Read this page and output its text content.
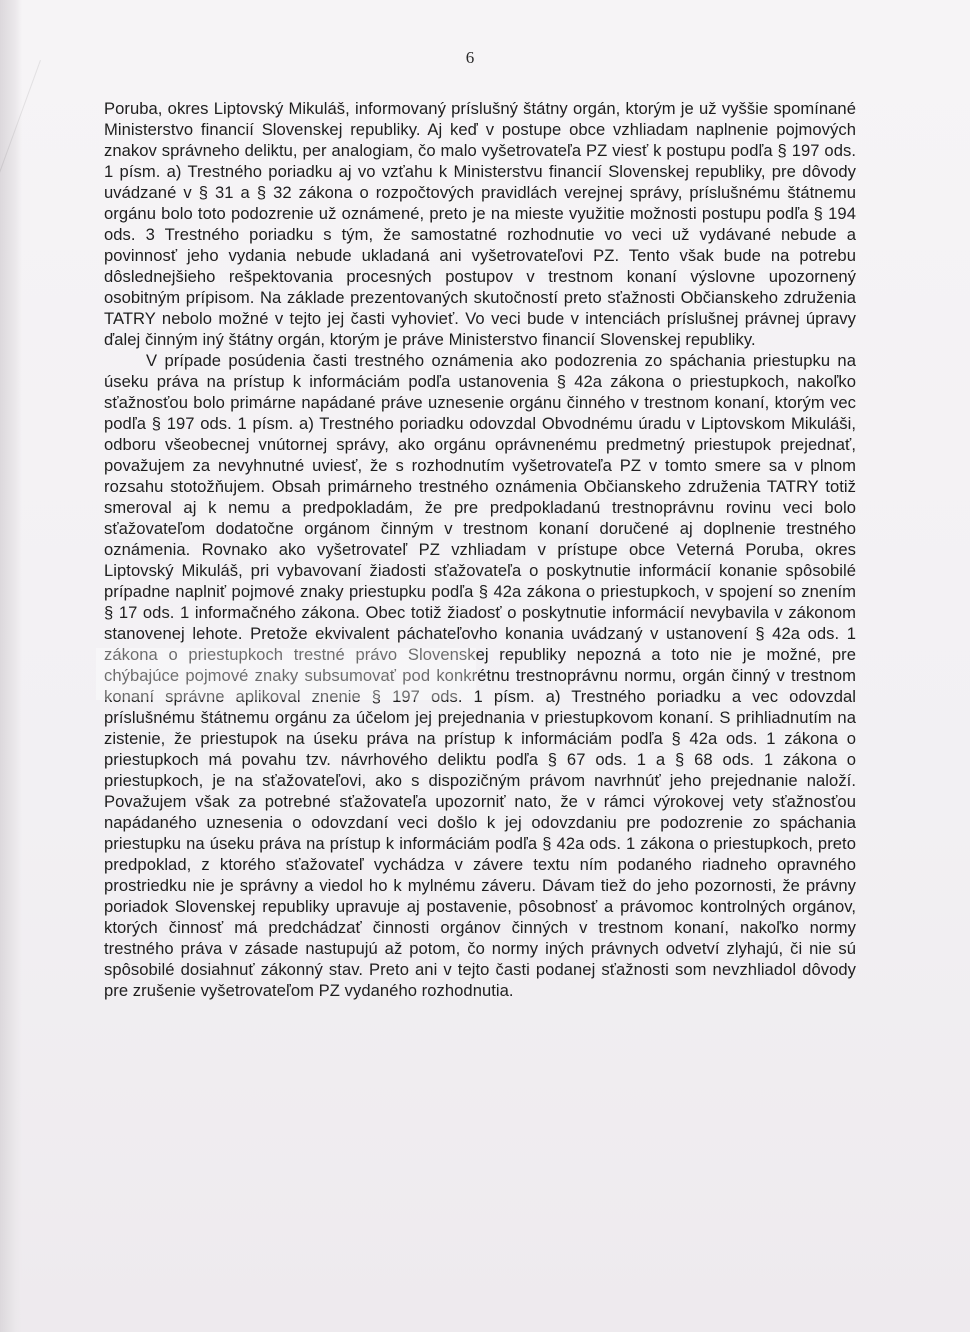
6

Poruba, okres Liptovský Mikuláš, informovaný príslušný štátny orgán, ktorým je už vyššie spomínané Ministerstvo financií Slovenskej republiky. Aj keď v postupe obce vzhliadam naplnenie pojmových znakov správneho deliktu, per analogiam, čo malo vyšetrovateľa PZ viesť k postupu podľa § 197 ods. 1 písm. a) Trestného poriadku aj vo vzťahu k Ministerstvu financií Slovenskej republiky, pre dôvody uvádzané v § 31 a § 32 zákona o rozpočtových pravidlách verejnej správy, príslušnému štátnemu orgánu bolo toto podozrenie už oznámené, preto je na mieste využitie možnosti postupu podľa § 194 ods. 3 Trestného poriadku s tým, že samostatné rozhodnutie vo veci už vydávané nebude a povinnosť jeho vydania nebude ukladaná ani vyšetrovateľovi PZ. Tento však bude na potrebu dôslednejšieho rešpektovania procesných postupov v trestnom konaní výslovne upozornený osobitným prípisom. Na základe prezentovaných skutočností preto sťažnosti Občianskeho združenia TATRY nebolo možné v tejto jej časti vyhovieť. Vo veci bude v intenciách príslušnej právnej úpravy ďalej činným iný štátny orgán, ktorým je práve Ministerstvo financií Slovenskej republiky.

V prípade posúdenia časti trestného oznámenia ako podozrenia zo spáchania priestupku na úseku práva na prístup k informáciám podľa ustanovenia § 42a zákona o priestupkoch, nakoľko sťažnosťou bolo primárne napádané práve uznesenie orgánu činného v trestnom konaní, ktorým vec podľa § 197 ods. 1 písm. a) Trestného poriadku odovzdal Obvodnému úradu v Liptovskom Mikuláši, odboru všeobecnej vnútornej správy, ako orgánu oprávnenému predmetný priestupok prejednať, považujem za nevyhnutné uviesť, že s rozhodnutím vyšetrovateľa PZ v tomto smere sa v plnom rozsahu stotožňujem. Obsah primárneho trestného oznámenia Občianskeho združenia TATRY totiž smeroval aj k nemu a predpokladám, že pre predpokladanú trestnoprávnu rovinu veci bolo sťažovateľom dodatočne orgánom činným v trestnom konaní doručené aj doplnenie trestného oznámenia. Rovnako ako vyšetrovateľ PZ vzhliadam v prístupe obce Veterná Poruba, okres Liptovský Mikuláš, pri vybavovaní žiadosti sťažovateľa o poskytnutie informácií konanie spôsobilé prípadne naplniť pojmové znaky priestupku podľa § 42a zákona o priestupkoch, v spojení so znením § 17 ods. 1 informačného zákona. Obec totiž žiadosť o poskytnutie informácií nevybavila v zákonom stanovenej lehote. Pretože ekvivalent páchateľovho konania uvádzaný v ustanovení § 42a ods. 1 zákona o priestupkoch trestné právo Slovenskej republiky nepozná a toto nie je možné, pre chýbajúce pojmové znaky subsumovať pod konkrétnu trestnoprávnu normu, orgán činný v trestnom konaní správne aplikoval znenie § 197 ods. 1 písm. a) Trestného poriadku a vec odovzdal príslušnému štátnemu orgánu za účelom jej prejednania v priestupkovom konaní. S prihliadnutím na zistenie, že priestupok na úseku práva na prístup k informáciám podľa § 42a ods. 1 zákona o priestupkoch má povahu tzv. návrhového deliktu podľa § 67 ods. 1 a § 68 ods. 1 zákona o priestupkoch, je na sťažovateľovi, ako s dispozičným právom navrhnúť jeho prejednanie naloží. Považujem však za potrebné sťažovateľa upozorniť nato, že v rámci výrokovej vety sťažnosťou napádaného uznesenia o odovzdaní veci došlo k jej odovzdaniu pre podozrenie zo spáchania priestupku na úseku práva na prístup k informáciám podľa § 42a ods. 1 zákona o priestupkoch, preto predpoklad, z ktorého sťažovateľ vychádza v závere textu ním podaného riadneho opravného prostriedku nie je správny a viedol ho k mylnému záveru. Dávam tiež do jeho pozornosti, že právny poriadok Slovenskej republiky upravuje aj postavenie, pôsobnosť a právomoc kontrolných orgánov, ktorých činnosť má predchádzať činnosti orgánov činných v trestnom konaní, nakoľko normy trestného práva v zásade nastupujú až potom, čo normy iných právnych odvetví zlyhajú, či nie sú spôsobilé dosiahnuť zákonný stav. Preto ani v tejto časti podanej sťažnosti som nevzhliadol dôvody pre zrušenie vyšetrovateľom PZ vydaného rozhodnutia.
